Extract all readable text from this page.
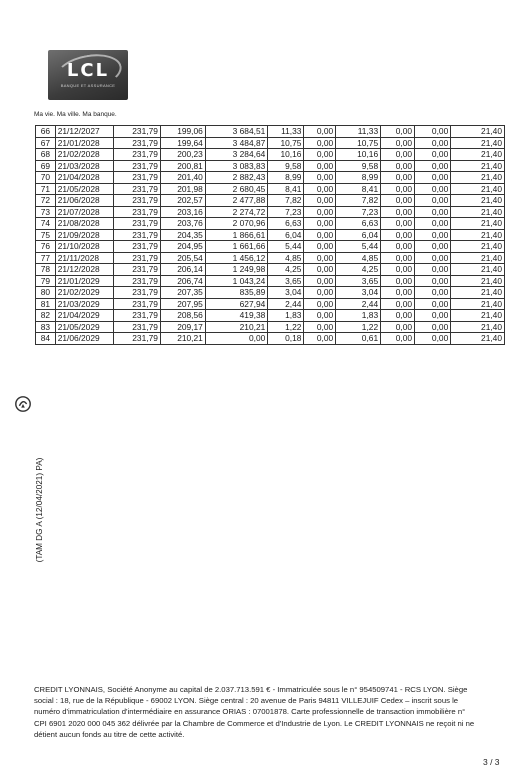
LCL
BANQUE ET ASSURANCE
Ma vie. Ma ville. Ma banque.
66	21/12/2027	231,79	199,06	3 684,51	11,33	0,00	11,33	0,00	0,00	21,40
67	21/01/2028	231,79	199,64	3 484,87	10,75	0,00	10,75	0,00	0,00	21,40
68	21/02/2028	231,79	200,23	3 284,64	10,16	0,00	10,16	0,00	0,00	21,40
69	21/03/2028	231,79	200,81	3 083,83	9,58	0,00	9,58	0,00	0,00	21,40
70	21/04/2028	231,79	201,40	2 882,43	8,99	0,00	8,99	0,00	0,00	21,40
71	21/05/2028	231,79	201,98	2 680,45	8,41	0,00	8,41	0,00	0,00	21,40
72	21/06/2028	231,79	202,57	2 477,88	7,82	0,00	7,82	0,00	0,00	21,40
73	21/07/2028	231,79	203,16	2 274,72	7,23	0,00	7,23	0,00	0,00	21,40
74	21/08/2028	231,79	203,76	2 070,96	6,63	0,00	6,63	0,00	0,00	21,40
75	21/09/2028	231,79	204,35	1 866,61	6,04	0,00	6,04	0,00	0,00	21,40
76	21/10/2028	231,79	204,95	1 661,66	5,44	0,00	5,44	0,00	0,00	21,40
77	21/11/2028	231,79	205,54	1 456,12	4,85	0,00	4,85	0,00	0,00	21,40
78	21/12/2028	231,79	206,14	1 249,98	4,25	0,00	4,25	0,00	0,00	21,40
79	21/01/2029	231,79	206,74	1 043,24	3,65	0,00	3,65	0,00	0,00	21,40
80	21/02/2029	231,79	207,35	835,89	3,04	0,00	3,04	0,00	0,00	21,40
81	21/03/2029	231,79	207,95	627,94	2,44	0,00	2,44	0,00	0,00	21,40
82	21/04/2029	231,79	208,56	419,38	1,83	0,00	1,83	0,00	0,00	21,40
83	21/05/2029	231,79	209,17	210,21	1,22	0,00	1,22	0,00	0,00	21,40
84	21/06/2029	231,79	210,21	0,00	0,18	0,00	0,61	0,00	0,00	21,40
(TAM DG A (12/04/2021) PA)
CREDIT LYONNAIS, Société Anonyme au capital de 2.037.713.591 € - Immatriculée sous le n° 954509741 - RCS LYON. Siège social : 18, rue de la République - 69002 LYON. Siège central : 20 avenue de Paris 94811 VILLEJUIF Cedex – inscrit sous le numéro d'immatriculation d'intermédiaire en assurance ORIAS : 07001878. Carte professionnelle de transaction immobilière n° CPI 6901 2020 000 045 362 délivrée par la Chambre de Commerce et d'Industrie de Lyon. Le CREDIT LYONNAIS ne reçoit ni ne détient aucun fonds au titre de cette activité.
3 / 3
